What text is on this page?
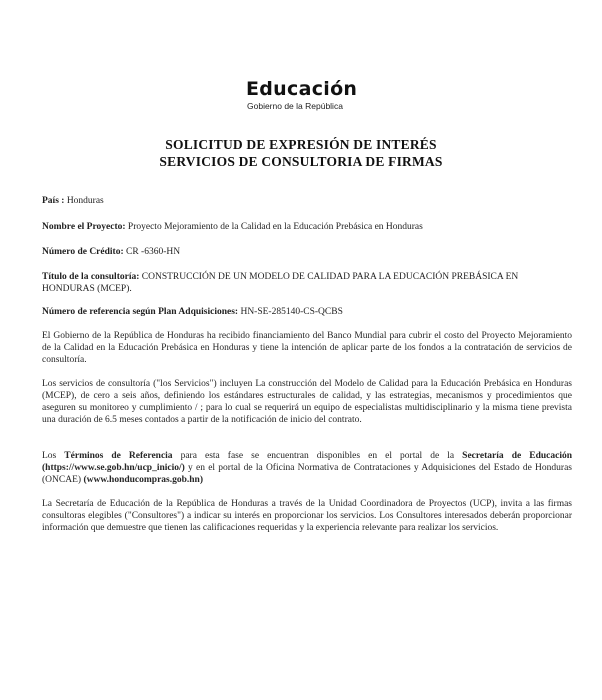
Educación
Gobierno de la República
SOLICITUD DE EXPRESIÓN DE INTERÉS
SERVICIOS DE CONSULTORIA DE FIRMAS
País : Honduras
Nombre el Proyecto: Proyecto Mejoramiento de la Calidad en la Educación Prebásica en Honduras
Número de Crédito: CR -6360-HN
Título de la consultoría: CONSTRUCCIÓN DE UN MODELO DE CALIDAD PARA LA EDUCACIÓN PREBÁSICA EN HONDURAS (MCEP).
Número de referencia según Plan Adquisiciones: HN-SE-285140-CS-QCBS
El Gobierno de la República de Honduras ha recibido financiamiento del Banco Mundial para cubrir el costo del Proyecto Mejoramiento de la Calidad en la Educación Prebásica en Honduras y tiene la intención de aplicar parte de los fondos a la contratación de servicios de consultoría.
Los servicios de consultoría ("los Servicios") incluyen La construcción del Modelo de Calidad para la Educación Prebásica en Honduras (MCEP), de cero a seis años, definiendo los estándares estructurales de calidad, y las estrategias, mecanismos y procedimientos que aseguren su monitoreo y cumplimiento / ; para lo cual se requerirá un equipo de especialistas multidisciplinario y la misma tiene prevista una duración de 6.5 meses contados a partir de la notificación de inicio del contrato.
Los Términos de Referencia para esta fase se encuentran disponibles en el portal de la Secretaría de Educación (https://www.se.gob.hn/ucp_inicio/) y en el portal de la Oficina Normativa de Contrataciones y Adquisiciones del Estado de Honduras (ONCAE) (www.honducompras.gob.hn)
La Secretaría de Educación de la República de Honduras a través de la Unidad Coordinadora de Proyectos (UCP), invita a las firmas consultoras elegibles ("Consultores") a indicar su interés en proporcionar los servicios. Los Consultores interesados deberán proporcionar información que demuestre que tienen las calificaciones requeridas y la experiencia relevante para realizar los servicios.
